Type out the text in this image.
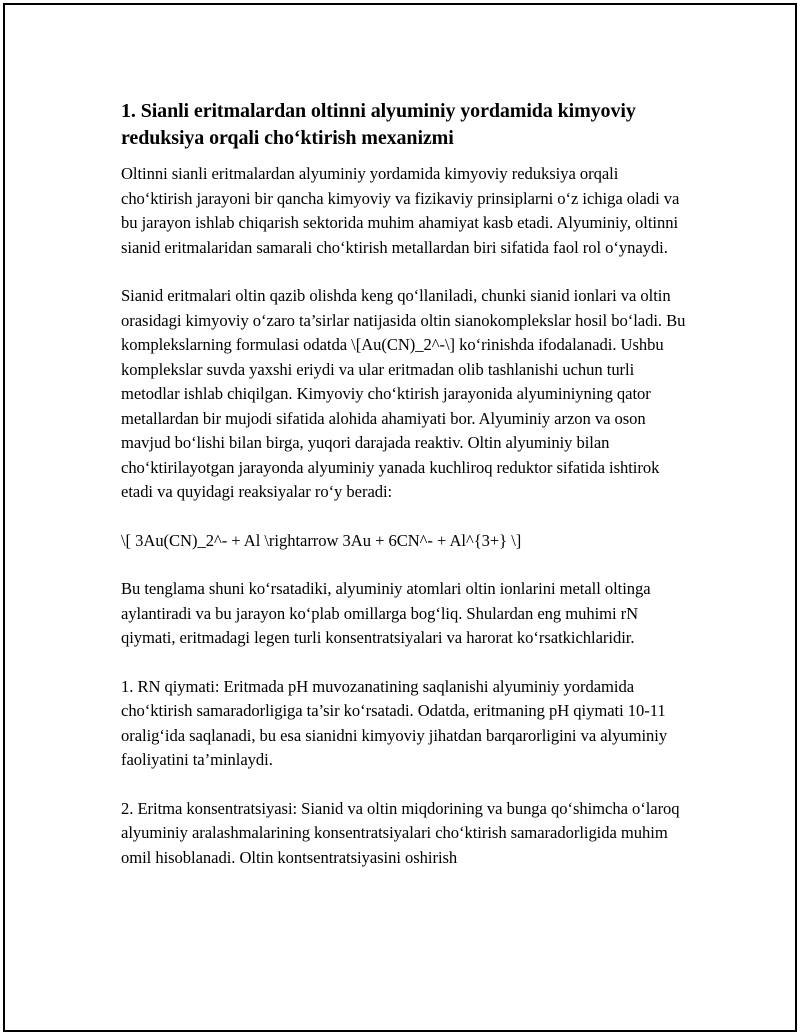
1. Sianli eritmalardan oltinni alyuminiy yordamida kimyoviy reduksiya orqali cho‘ktirish mexanizmi

Oltinni sianli eritmalardan alyuminiy yordamida kimyoviy reduksiya orqali cho‘ktirish jarayoni bir qancha kimyoviy va fizikaviy prinsiplarni o‘z ichiga oladi va bu jarayon ishlab chiqarish sektorida muhim ahamiyat kasb etadi. Alyuminiy, oltinni sianid eritmalaridan samarali cho‘ktirish metallardan biri sifatida faol rol o‘ynaydi.

Sianid eritmalari oltin qazib olishda keng qo‘llaniladi, chunki sianid ionlari va oltin orasidagi kimyoviy o‘zaro ta’sirlar natijasida oltin sianokomplekslar hosil bo‘ladi. Bu komplekslarning formulasi odatda \[Au(CN)_2^-\] ko‘rinishda ifodalanadi. Ushbu komplekslar suvda yaxshi eriydi va ular eritmadan olib tashlanishi uchun turli metodlar ishlab chiqilgan. Kimyoviy cho‘ktirish jarayonida alyuminiyning qator metallardan bir mujodi sifatida alohida ahamiyati bor. Alyuminiy arzon va oson mavjud bo‘lishi bilan birga, yuqori darajada reaktiv. Oltin alyuminiy bilan cho‘ktirilayotgan jarayonda alyuminiy yanada kuchliroq reduktor sifatida ishtirok etadi va quyidagi reaksiyalar ro‘y beradi:

\[ 3Au(CN)_2^- + Al \rightarrow 3Au + 6CN^- + Al^{3+} \]

Bu tenglama shuni ko‘rsatadiki, alyuminiy atomlari oltin ionlarini metall oltinga aylantiradi va bu jarayon ko‘plab omillarga bog‘liq. Shulardan eng muhimi rN qiymati, eritmadagi legen turli konsentratsiyalari va harorat ko‘rsatkichlaridir.

1. RN qiymati: Eritmada pH muvozanatining saqlanishi alyuminiy yordamida cho‘ktirish samaradorligiga ta’sir ko‘rsatadi. Odatda, eritmaning pH qiymati 10-11 oralig‘ida saqlanadi, bu esa sianidni kimyoviy jihatdan barqarorligini va alyuminiy faoliyatini ta’minlaydi.

2. Eritma konsentratsiyasi: Sianid va oltin miqdorining va bunga qo‘shimcha o‘laroq alyuminiy aralashmalarining konsentratsiyalari cho‘ktirish samaradorligida muhim omil hisoblanadi. Oltin kontsentratsiyasini oshirish
